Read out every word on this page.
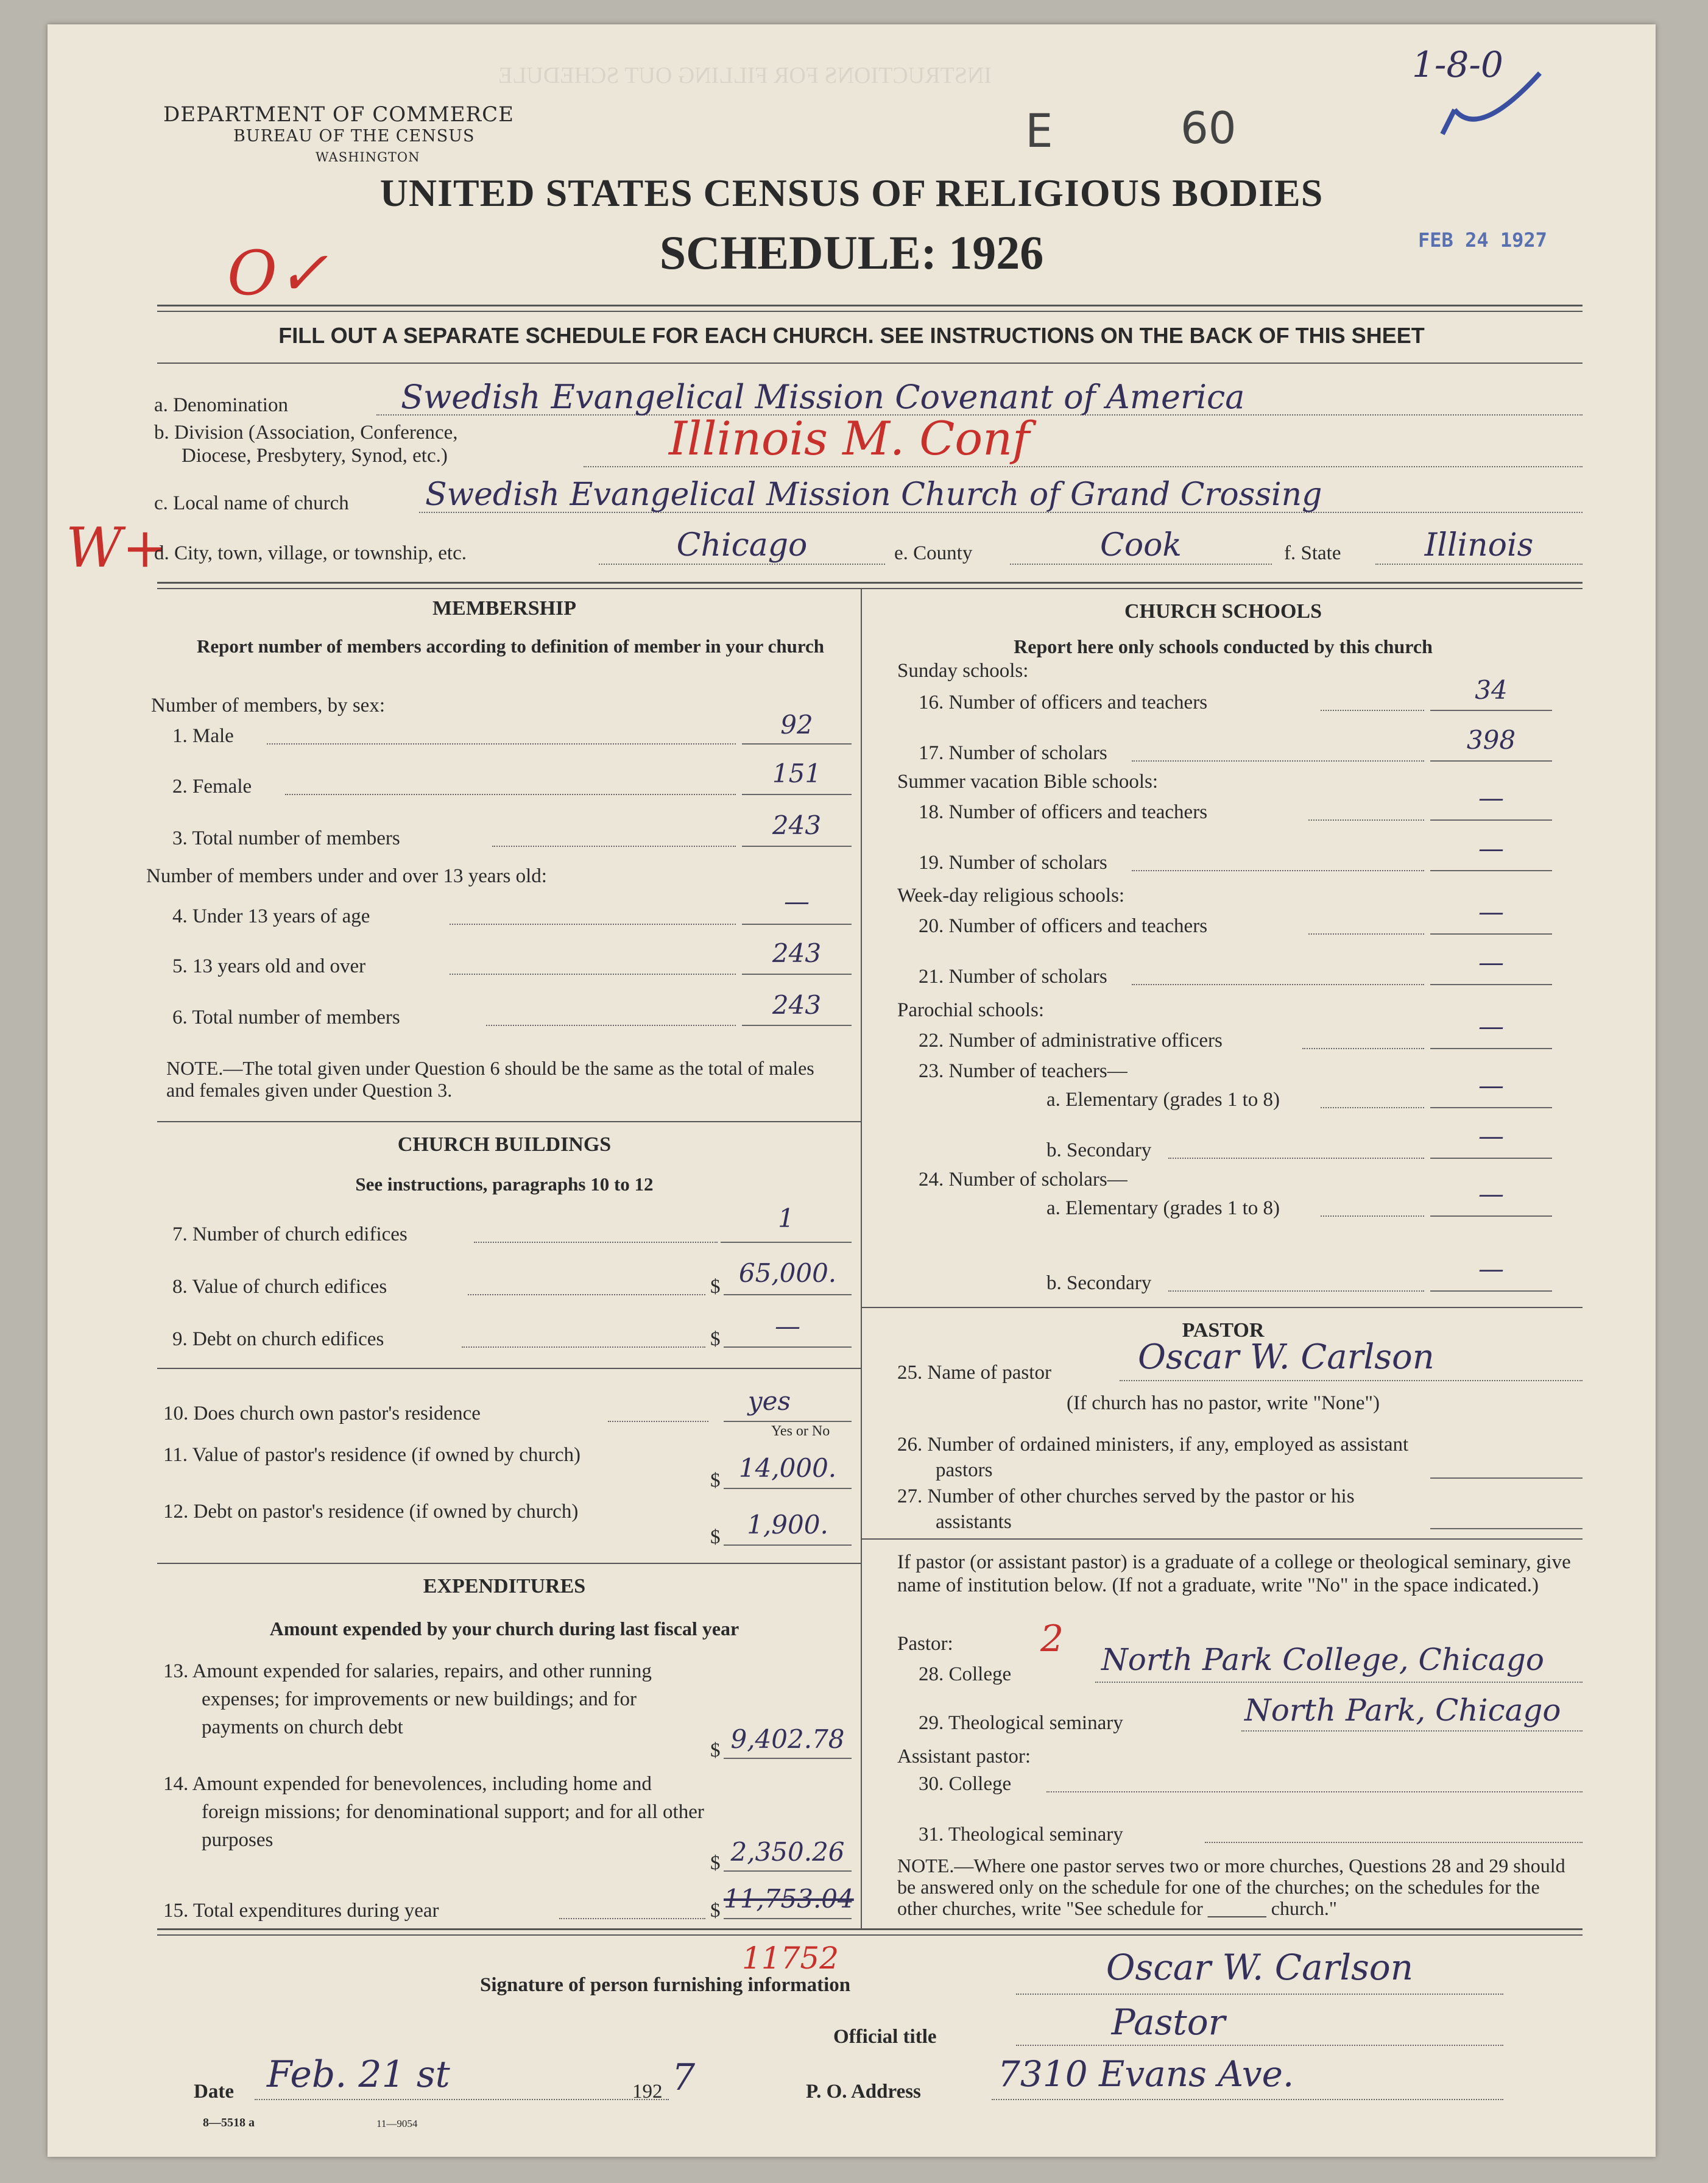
INSTRUCTIONS FOR FILLING OUT SCHEDULE
DEPARTMENT OF COMMERCE
BUREAU OF THE CENSUS
WASHINGTON	E	60
1-8-0
UNITED STATES CENSUS OF RELIGIOUS BODIES
SCHEDULE: 1926	FEB 24 1927
O✓
FILL OUT A SEPARATE SCHEDULE FOR EACH CHURCH. SEE INSTRUCTIONS ON THE BACK OF THIS SHEET
a. Denomination	Swedish Evangelical Mission Covenant of America
b. Division (Association, Conference,
Diocese, Presbytery, Synod, etc.)	Illinois M. Conf
c. Local name of church Swedish Evangelical Mission Church of Grand Crossing
W+
d. City, town, village, or township, etc.	Chicago	e. County	Cook	f. State	Illinois
MEMBERSHIP
Report number of members according to definition of member in your church
Number of members, by sex:
1. Male	92
2. Female	151
3. Total number of members	243
Number of members under and over 13 years old:
4. Under 13 years of age	—
5. 13 years old and over	243
6. Total number of members	243
NOTE.—The total given under Question 6 should be the same as the total of males and females given under Question 3.
CHURCH BUILDINGS
See instructions, paragraphs 10 to 12
7. Number of church edifices
1
8. Value of church edifices	$ 65,000.
9. Debt on church edifices	$	—
10. Does church own pastor's residence	yes
Yes or No
11. Value of pastor's residence (if owned by church)
$ 14,000.
12. Debt on pastor's residence (if owned by church)
$	1,900.
EXPENDITURES
Amount expended by your church during last fiscal year
13. Amount expended for salaries, repairs, and other running expenses; for improvements or new buildings; and for payments on church debt
$ 9,402.78
14. Amount expended for benevolences, including home and foreign missions; for denominational support; and for all other purposes
$ 2,350.26
15. Total expenditures during year	$ 11,753.04
11752
CHURCH SCHOOLS
Report here only schools conducted by this church
Sunday schools:
16. Number of officers and teachers	34
17. Number of scholars	398
Summer vacation Bible schools:
18. Number of officers and teachers	—
19. Number of scholars	—
Week-day religious schools:
20. Number of officers and teachers	—
21. Number of scholars	—
Parochial schools:
22. Number of administrative officers	—
23. Number of teachers—
a. Elementary (grades 1 to 8)	—
b. Secondary	—
24. Number of scholars—
a. Elementary (grades 1 to 8)	—
b. Secondary	—
PASTOR
25. Name of pastor	Oscar W. Carlson
(If church has no pastor, write "None")
26. Number of ordained ministers, if any, employed as assistant pastors
27. Number of other churches served by the pastor or his assistants
If pastor (or assistant pastor) is a graduate of a college or theological seminary, give name of institution below. (If not a graduate, write "No" in the space indicated.)
Pastor: 2
28. College	North Park College, Chicago
29. Theological seminary	North Park, Chicago
Assistant pastor:
30. College
31. Theological seminary
NOTE.—Where one pastor serves two or more churches, Questions 28 and 29 should be answered only on the schedule for one of the churches; on the schedules for the other churches, write "See schedule for ______ church."
Signature of person furnishing information	Oscar W. Carlson
Official title	Pastor
Date Feb. 21 st	192 7	P. O. Address 7310 Evans Ave.
8—5518 a	11—9054
